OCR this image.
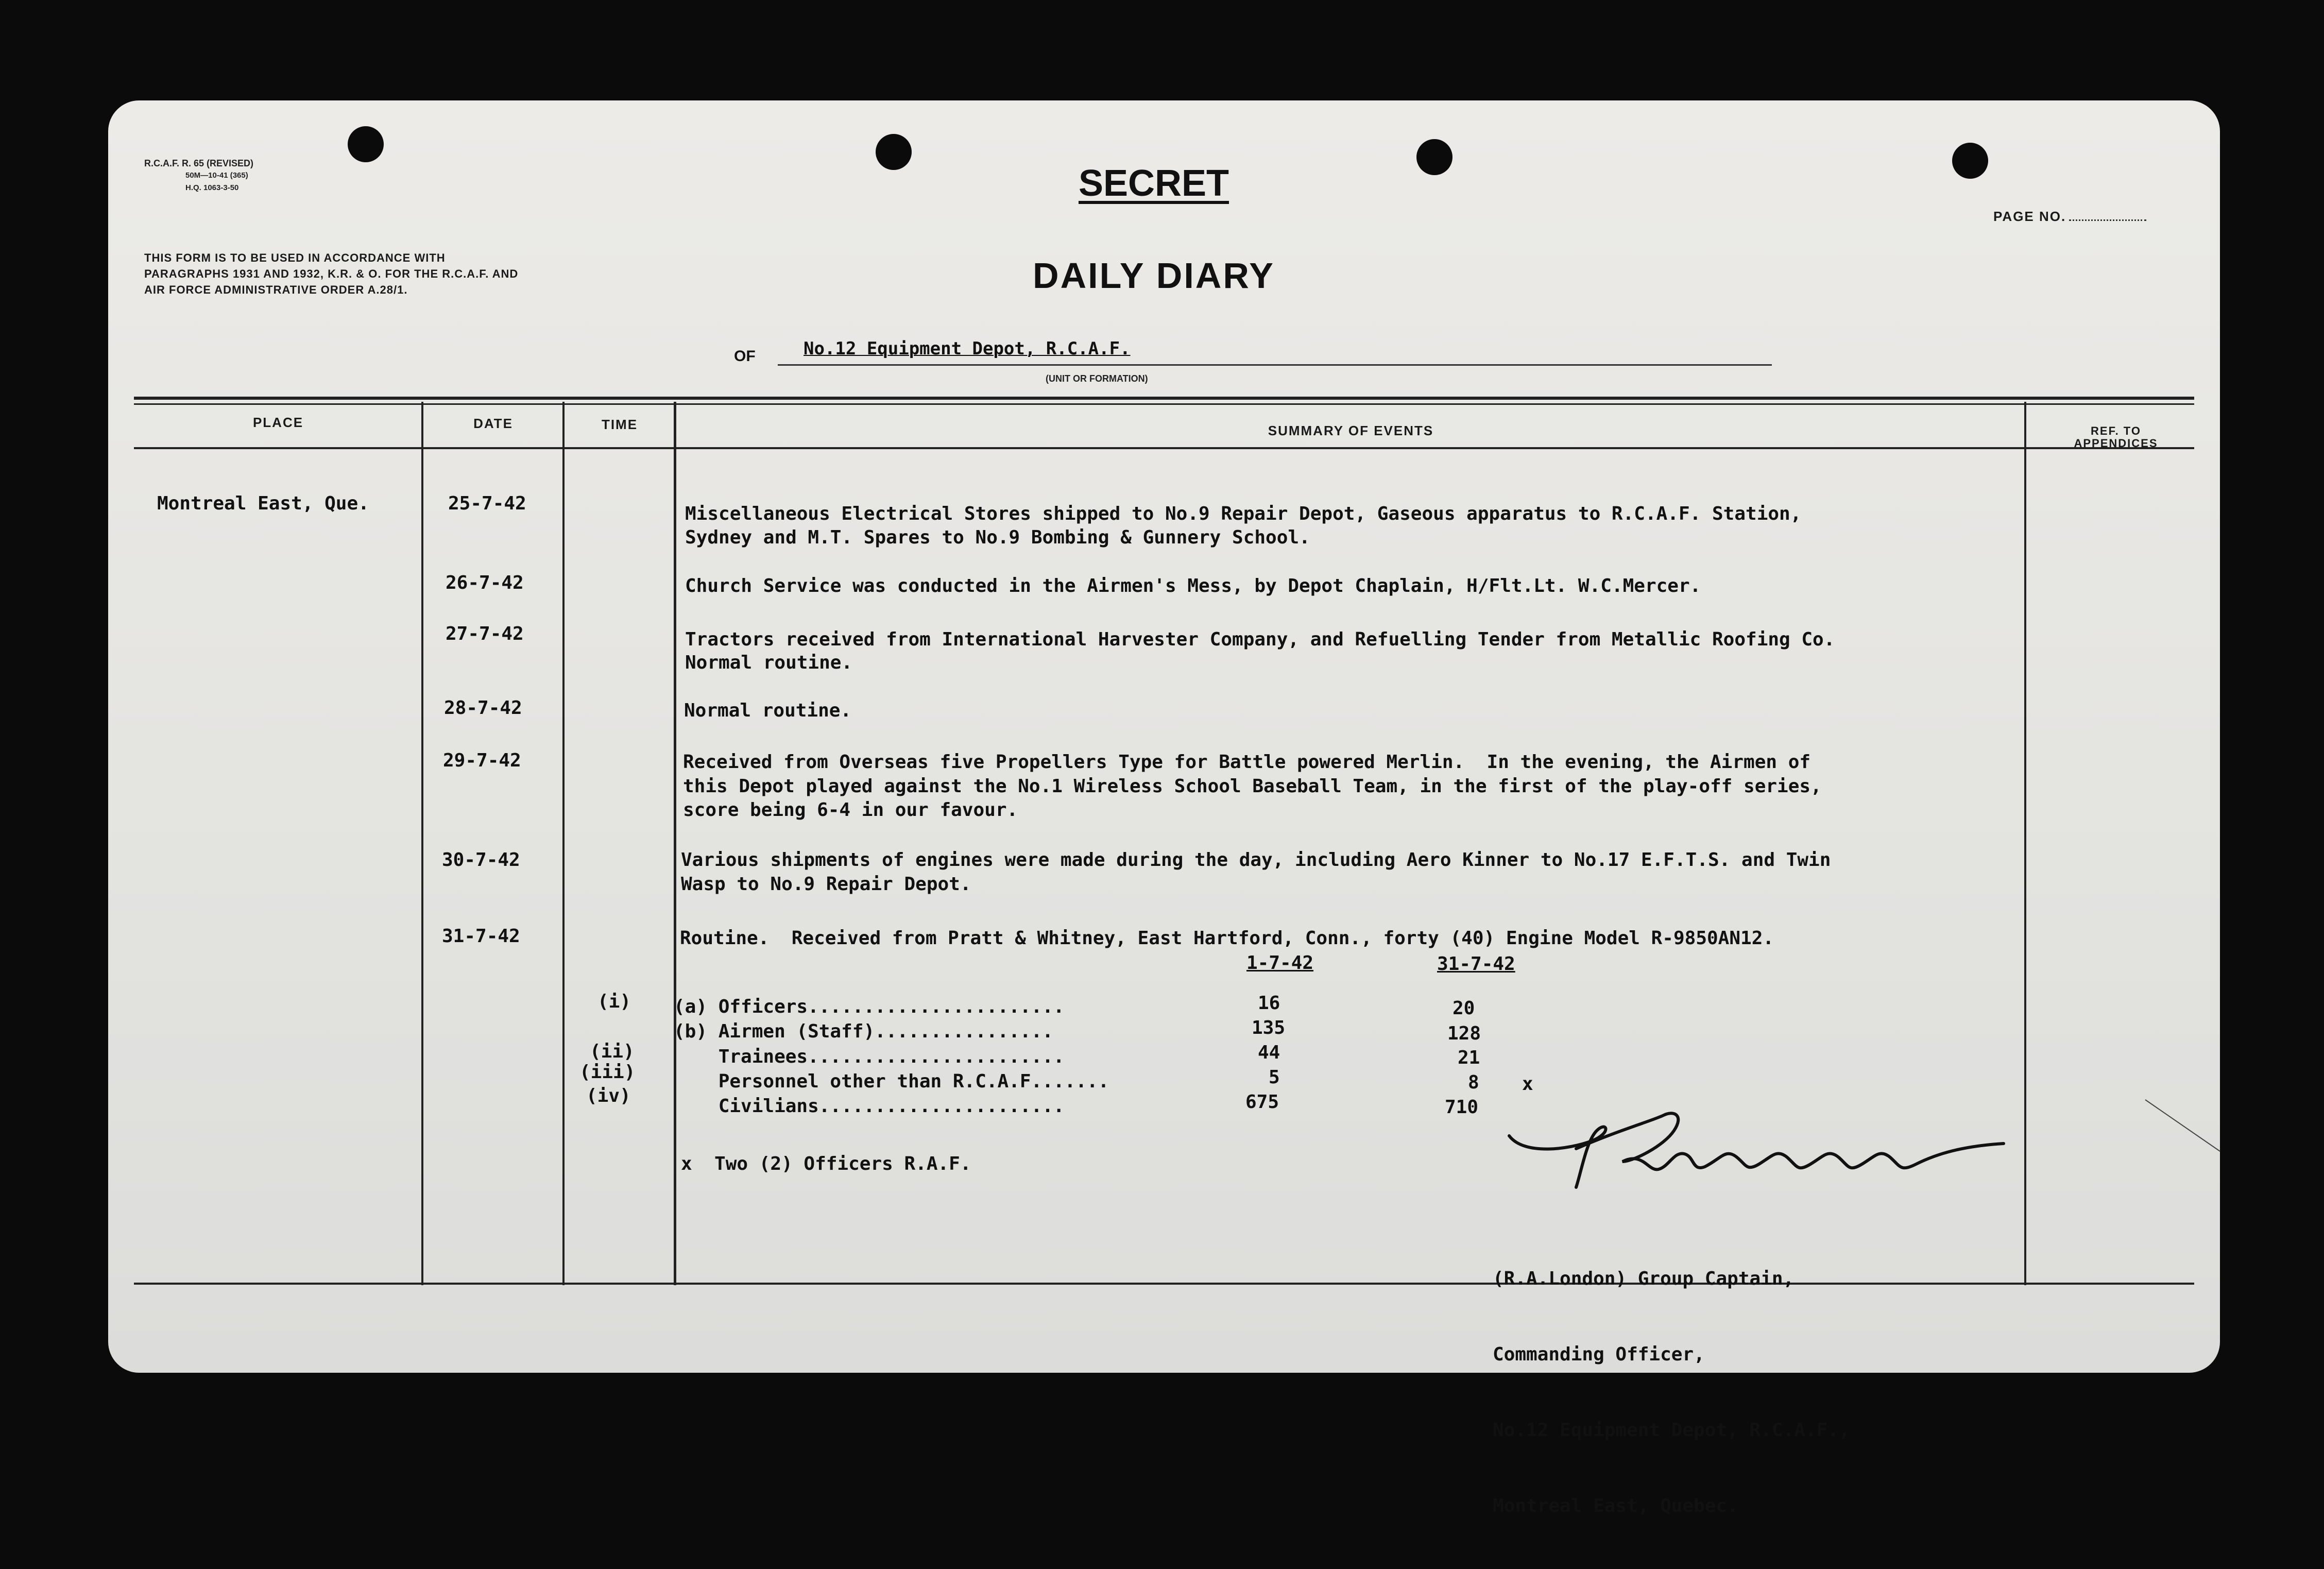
R.C.A.F. R. 65 (REVISED)
50M—10-41 (365)
H.Q. 1063-3-50
THIS FORM IS TO BE USED IN ACCORDANCE WITH PARAGRAPHS 1931 AND 1932, K.R. & O. FOR THE R.C.A.F. AND AIR FORCE ADMINISTRATIVE ORDER A.28/1.
SECRET
PAGE NO.
DAILY DIARY
OF	No.12 Equipment Depot, R.C.A.F.
(UNIT OR FORMATION)
PLACE	DATE	TIME	SUMMARY OF EVENTS	REF. TO
APPENDICES
Montreal East, Que.	25-7-42	Miscellaneous Electrical Stores shipped to No.9 Repair Depot, Gaseous apparatus to R.C.A.F. Station,
Sydney and M.T. Spares to No.9 Bombing & Gunnery School.
26-7-42	Church Service was conducted in the Airmen's Mess, by Depot Chaplain, H/Flt.Lt. W.C.Mercer.
27-7-42	Tractors received from International Harvester Company, and Refuelling Tender from Metallic Roofing Co.
Normal routine.
28-7-42	Normal routine.
29-7-42	Received from Overseas five Propellers Type for Battle powered Merlin.  In the evening, the Airmen of
this Depot played against the No.1 Wireless School Baseball Team, in the first of the play-off series,
score being 6-4 in our favour.
30-7-42	Various shipments of engines were made during the day, including Aero Kinner to No.17 E.F.T.S. and Twin
Wasp to No.9 Repair Depot.
31-7-42	Routine.  Received from Pratt & Whitney, East Hartford, Conn., forty (40) Engine Model R-9850AN12.
1-7-42	31-7-42
(i) (a) Officers.......................	16	20
(b) Airmen (Staff)................	135	128
(ii) Trainees.......................	44	21
(iii) Personnel other than R.C.A.F.......	5	8 x
(iv) Civilians......................	675	710
x  Two (2) Officers R.A.F.

(R.A.London) Group Captain,

Commanding Officer,

No.12 Equipment Depot, R.C.A.F.,

Montreal East, Quebec.
